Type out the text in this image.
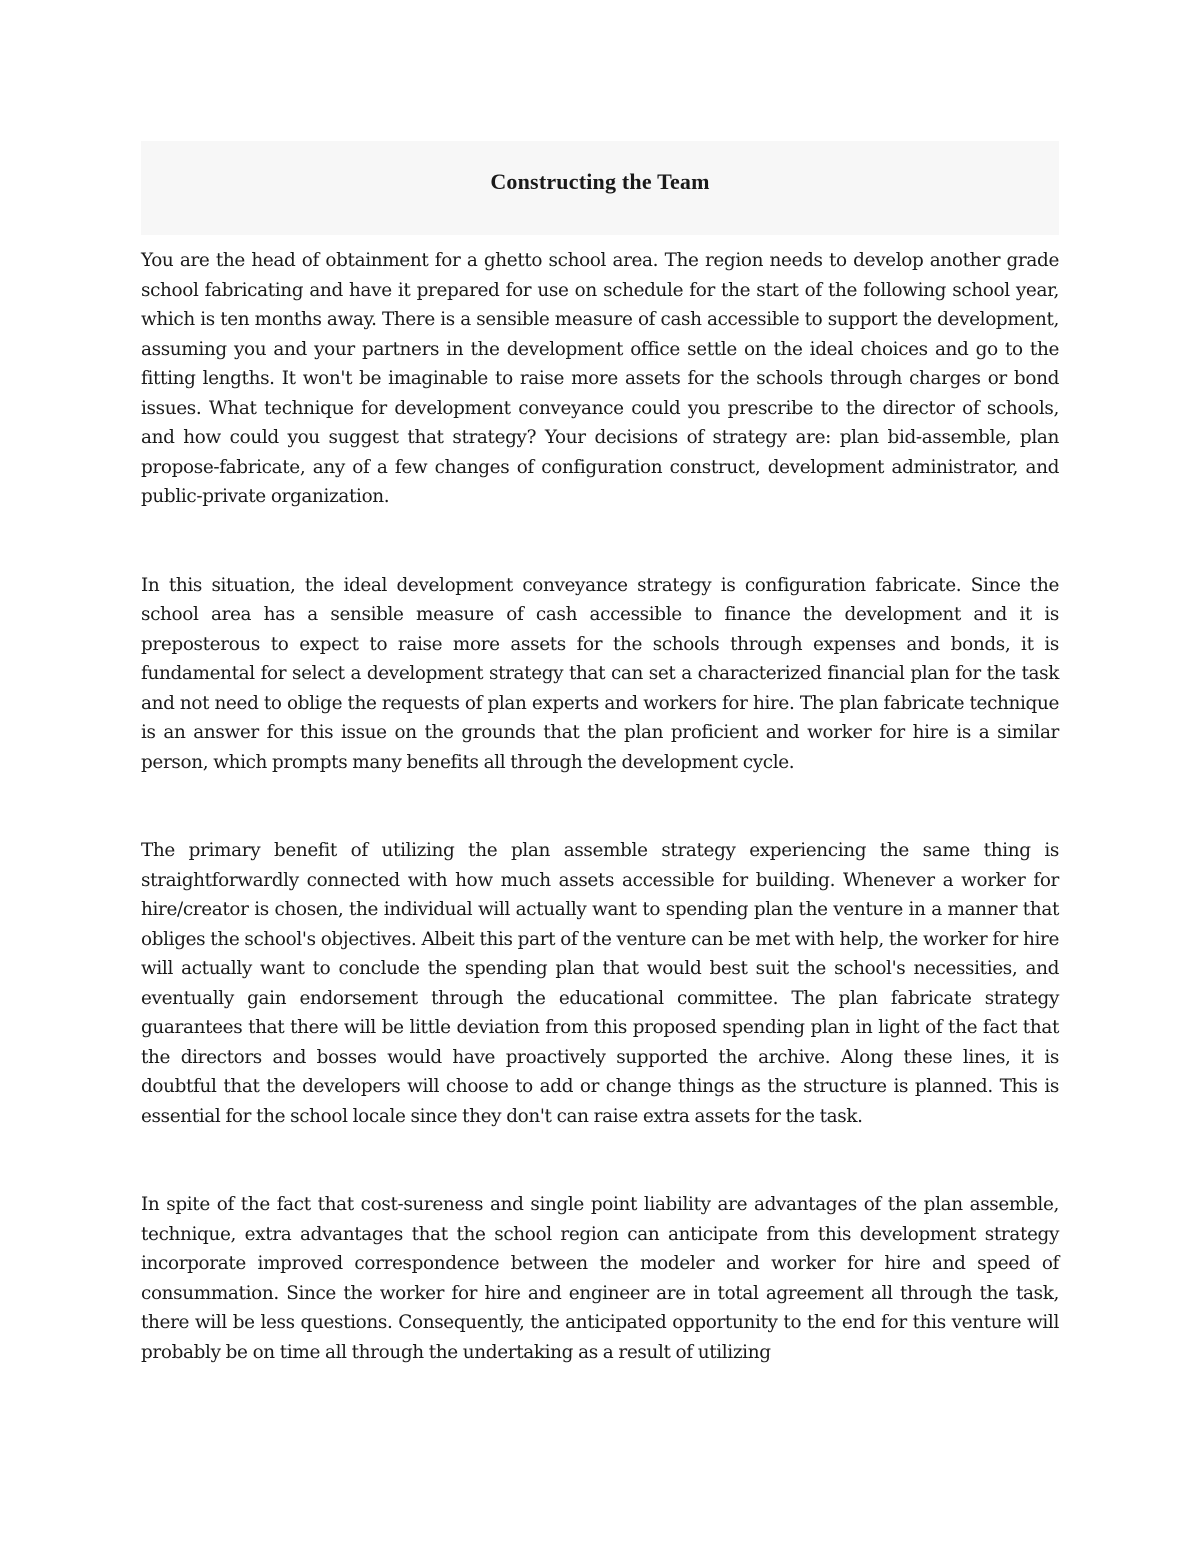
Constructing the Team

You are the head of obtainment for a ghetto school area. The region needs to develop another grade school fabricating and have it prepared for use on schedule for the start of the following school year, which is ten months away. There is a sensible measure of cash accessible to support the development, assuming you and your partners in the development office settle on the ideal choices and go to the fitting lengths. It won't be imaginable to raise more assets for the schools through charges or bond issues. What technique for development conveyance could you prescribe to the director of schools, and how could you suggest that strategy? Your decisions of strategy are: plan bid-assemble, plan propose-fabricate, any of a few changes of configuration construct, development administrator, and public-private organization.

In this situation, the ideal development conveyance strategy is configuration fabricate. Since the school area has a sensible measure of cash accessible to finance the development and it is preposterous to expect to raise more assets for the schools through expenses and bonds, it is fundamental for select a development strategy that can set a characterized financial plan for the task and not need to oblige the requests of plan experts and workers for hire. The plan fabricate technique is an answer for this issue on the grounds that the plan proficient and worker for hire is a similar person, which prompts many benefits all through the development cycle.

The primary benefit of utilizing the plan assemble strategy experiencing the same thing is straightforwardly connected with how much assets accessible for building. Whenever a worker for hire/creator is chosen, the individual will actually want to spending plan the venture in a manner that obliges the school's objectives. Albeit this part of the venture can be met with help, the worker for hire will actually want to conclude the spending plan that would best suit the school's necessities, and eventually gain endorsement through the educational committee. The plan fabricate strategy guarantees that there will be little deviation from this proposed spending plan in light of the fact that the directors and bosses would have proactively supported the archive. Along these lines, it is doubtful that the developers will choose to add or change things as the structure is planned. This is essential for the school locale since they don't can raise extra assets for the task.

In spite of the fact that cost-sureness and single point liability are advantages of the plan assemble, technique, extra advantages that the school region can anticipate from this development strategy incorporate improved correspondence between the modeler and worker for hire and speed of consummation. Since the worker for hire and engineer are in total agreement all through the task, there will be less questions. Consequently, the anticipated opportunity to the end for this venture will probably be on time all through the undertaking as a result of utilizing
